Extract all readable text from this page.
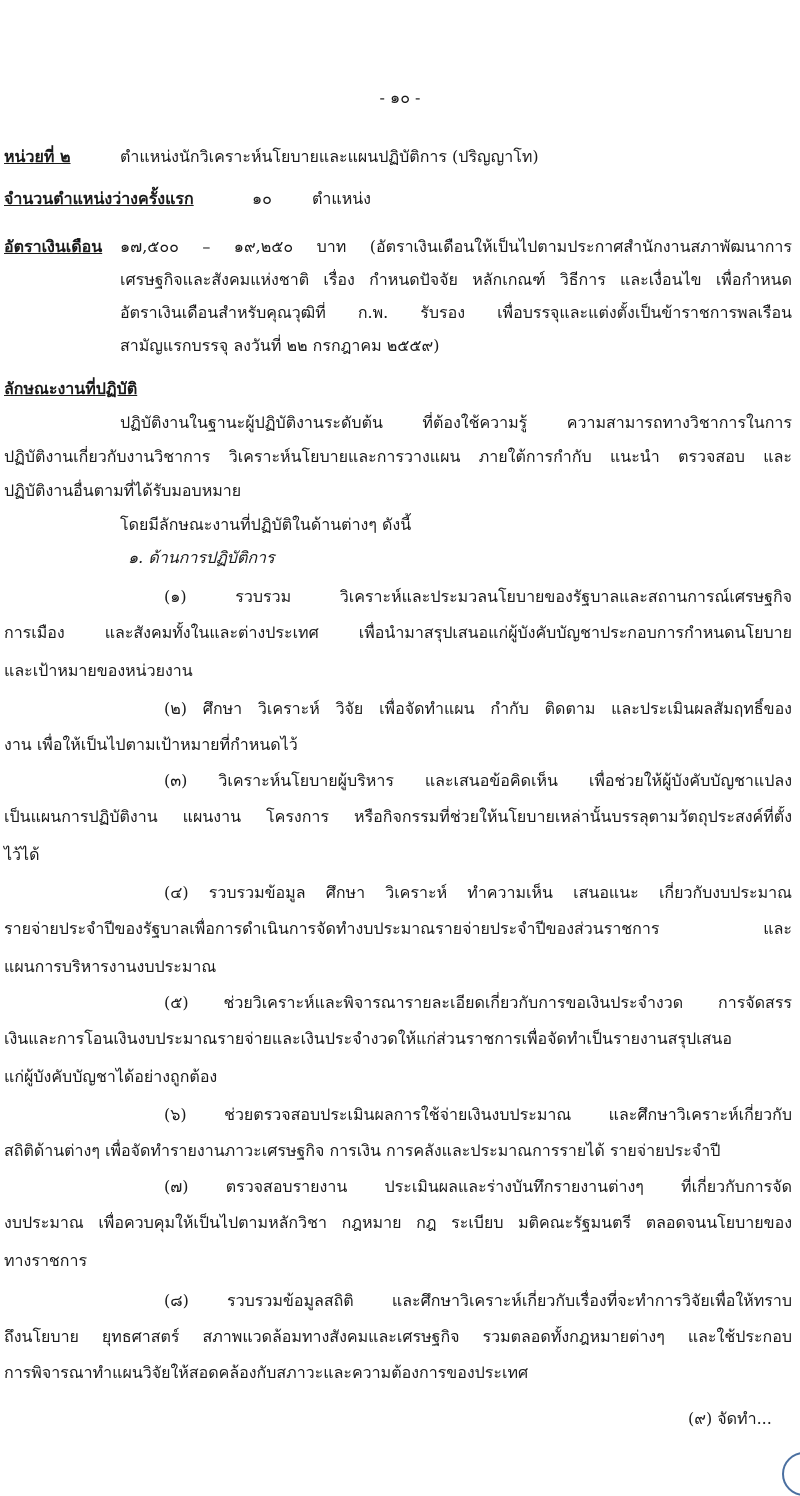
- ๑๐ -
หน่วยที่ ๒	ตำแหน่งนักวิเคราะห์นโยบายและแผนปฏิบัติการ (ปริญญาโท)
จำนวนตำแหน่งว่างครั้งแรก	๑๐	ตำแหน่ง
อัตราเงินเดือน ๑๗,๕๐๐ – ๑๙,๒๕๐ บาท (อัตราเงินเดือนให้เป็นไปตามประกาศสำนักงานสภาพัฒนาการ
เศรษฐกิจและสังคมแห่งชาติ เรื่อง กำหนดปัจจัย หลักเกณฑ์ วิธีการ และเงื่อนไข เพื่อกำหนด
อัตราเงินเดือนสำหรับคุณวุฒิที่ ก.พ. รับรอง เพื่อบรรจุและแต่งตั้งเป็นข้าราชการพลเรือน
สามัญแรกบรรจุ ลงวันที่ ๒๒ กรกฎาคม ๒๕๕๙)
ลักษณะงานที่ปฏิบัติ
ปฏิบัติงานในฐานะผู้ปฏิบัติงานระดับต้น ที่ต้องใช้ความรู้ ความสามารถทางวิชาการในการ
ปฏิบัติงานเกี่ยวกับงานวิชาการ วิเคราะห์นโยบายและการวางแผน ภายใต้การกำกับ แนะนำ ตรวจสอบ และ
ปฏิบัติงานอื่นตามที่ได้รับมอบหมาย
โดยมีลักษณะงานที่ปฏิบัติในด้านต่างๆ ดังนี้
๑. ด้านการปฏิบัติการ
(๑) รวบรวม วิเคราะห์และประมวลนโยบายของรัฐบาลและสถานการณ์เศรษฐกิจ
การเมือง และสังคมทั้งในและต่างประเทศ เพื่อนำมาสรุปเสนอแก่ผู้บังคับบัญชาประกอบการกำหนดนโยบาย
และเป้าหมายของหน่วยงาน
(๒) ศึกษา วิเคราะห์ วิจัย เพื่อจัดทำแผน กำกับ ติดตาม และประเมินผลสัมฤทธิ์ของ
งาน เพื่อให้เป็นไปตามเป้าหมายที่กำหนดไว้
(๓) วิเคราะห์นโยบายผู้บริหาร และเสนอข้อคิดเห็น เพื่อช่วยให้ผู้บังคับบัญชาแปลง
เป็นแผนการปฏิบัติงาน แผนงาน โครงการ หรือกิจกรรมที่ช่วยให้นโยบายเหล่านั้นบรรลุตามวัตถุประสงค์ที่ตั้ง
ไว้ได้
(๔) รวบรวมข้อมูล ศึกษา วิเคราะห์ ทำความเห็น เสนอแนะ เกี่ยวกับงบประมาณ
รายจ่ายประจำปีของรัฐบาลเพื่อการดำเนินการจัดทำงบประมาณรายจ่ายประจำปีของส่วนราชการ และ
แผนการบริหารงานงบประมาณ
(๕) ช่วยวิเคราะห์และพิจารณารายละเอียดเกี่ยวกับการขอเงินประจำงวด การจัดสรร
เงินและการโอนเงินงบประมาณรายจ่ายและเงินประจำงวดให้แก่ส่วนราชการเพื่อจัดทำเป็นรายงานสรุปเสนอ
แก่ผู้บังคับบัญชาได้อย่างถูกต้อง
(๖) ช่วยตรวจสอบประเมินผลการใช้จ่ายเงินงบประมาณ และศึกษาวิเคราะห์เกี่ยวกับ
สถิติด้านต่างๆ เพื่อจัดทำรายงานภาวะเศรษฐกิจ การเงิน การคลังและประมาณการรายได้ รายจ่ายประจำปี
(๗) ตรวจสอบรายงาน ประเมินผลและร่างบันทึกรายงานต่างๆ ที่เกี่ยวกับการจัด
งบประมาณ เพื่อควบคุมให้เป็นไปตามหลักวิชา กฎหมาย กฎ ระเบียบ มติคณะรัฐมนตรี ตลอดจนนโยบายของ
ทางราชการ
(๘) รวบรวมข้อมูลสถิติ และศึกษาวิเคราะห์เกี่ยวกับเรื่องที่จะทำการวิจัยเพื่อให้ทราบ
ถึงนโยบาย ยุทธศาสตร์ สภาพแวดล้อมทางสังคมและเศรษฐกิจ รวมตลอดทั้งกฎหมายต่างๆ และใช้ประกอบ
การพิจารณาทำแผนวิจัยให้สอดคล้องกับสภาวะและความต้องการของประเทศ
(๙) จัดทำ...
